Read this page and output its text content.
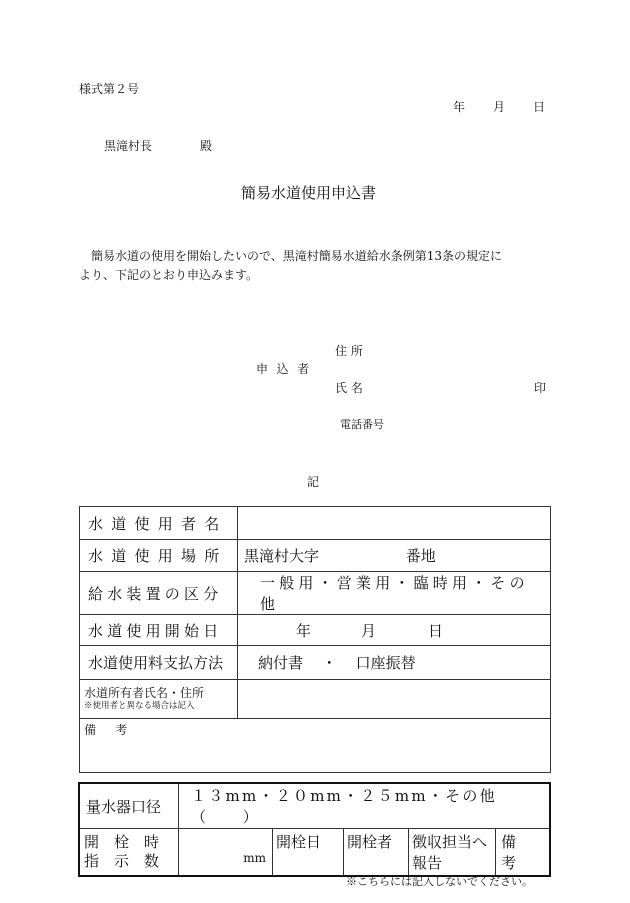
様式第２号
年 月 日
黒滝村長	殿
簡易水道使用申込書
　簡易水道の使用を開始したいので、黒滝村簡易水道給水条例第13条の規定に
より、下記のとおり申込みます。
住 所
申 込 者
氏 名	印
電話番号
記
水道使用者名	
水道使用場所	黒滝村大字 番地
給水装置の区分	一般用・営業用・臨時用・その他
水道使用開始日	年 月 日
水道使用料支払方法	納付書 ・ 口座振替

水道所有者氏名・住所
※使用者と異なる場合は記入	

備　考	
量水器口径	１３mm・２０mm・２５mm・その他（　　）				

開　栓　時
指　示　数	mm	開栓日	開栓者	徴収担当へ報告	備　考
※こちらには記入しないでください。
